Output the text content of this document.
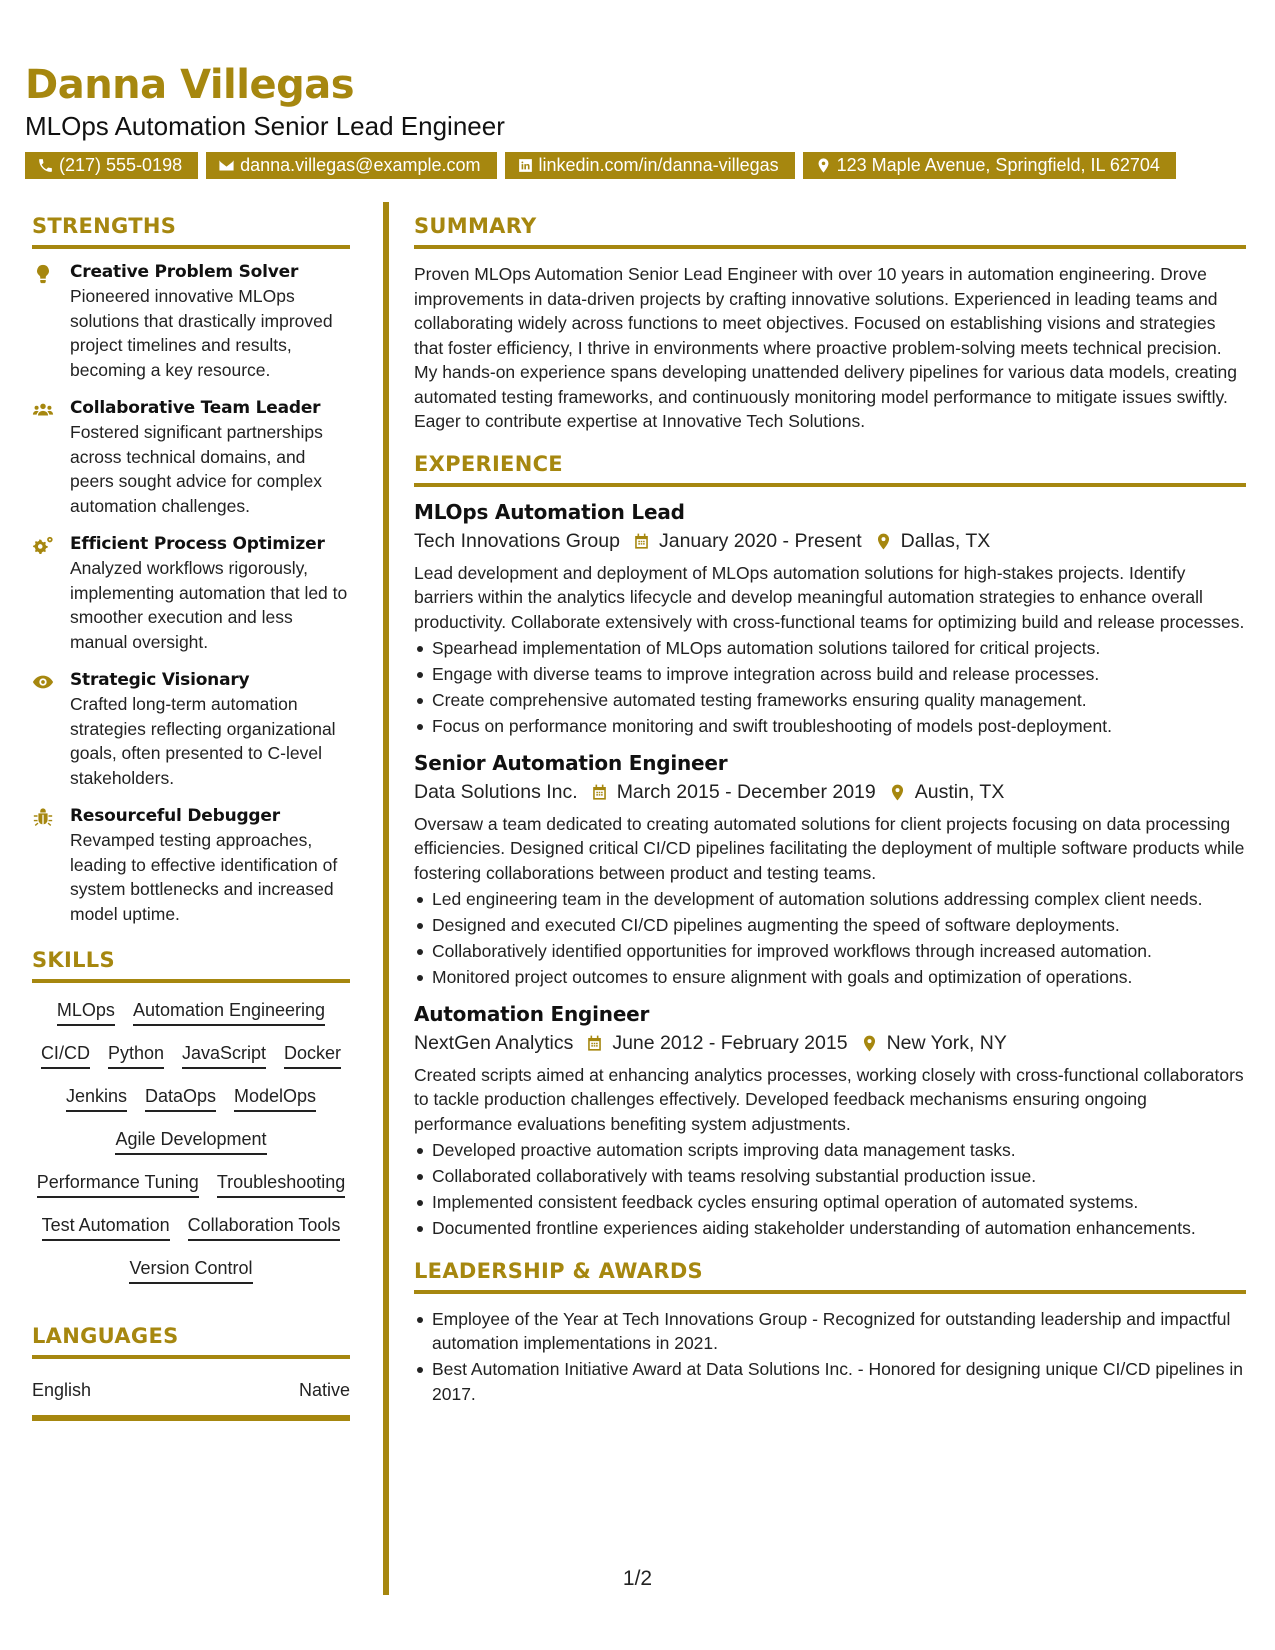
Danna Villegas
MLOps Automation Senior Lead Engineer
(217) 555-0198	danna.villegas@example.com	linkedin.com/in/danna-villegas	123 Maple Avenue, Springfield, IL 62704
STRENGTHS
Creative Problem Solver
Pioneered innovative MLOps solutions that drastically improved project timelines and results, becoming a key resource.
Collaborative Team Leader
Fostered significant partnerships across technical domains, and peers sought advice for complex automation challenges.
Efficient Process Optimizer
Analyzed workflows rigorously, implementing automation that led to smoother execution and less manual oversight.
Strategic Visionary
Crafted long-term automation strategies reflecting organizational goals, often presented to C-level stakeholders.
Resourceful Debugger
Revamped testing approaches, leading to effective identification of system bottlenecks and increased model uptime.
SKILLS
MLOps Automation Engineering
CI/CD Python JavaScript Docker
Jenkins DataOps ModelOps
Agile Development
Performance Tuning Troubleshooting
Test Automation Collaboration Tools
Version Control
LANGUAGES
English	Native
SUMMARY
Proven MLOps Automation Senior Lead Engineer with over 10 years in automation engineering. Drove improvements in data-driven projects by crafting innovative solutions. Experienced in leading teams and collaborating widely across functions to meet objectives. Focused on establishing visions and strategies that foster efficiency, I thrive in environments where proactive problem-solving meets technical precision. My hands-on experience spans developing unattended delivery pipelines for various data models, creating automated testing frameworks, and continuously monitoring model performance to mitigate issues swiftly. Eager to contribute expertise at Innovative Tech Solutions.
EXPERIENCE
MLOps Automation Lead
Tech Innovations Group January 2020 - Present Dallas, TX
Lead development and deployment of MLOps automation solutions for high-stakes projects. Identify barriers within the analytics lifecycle and develop meaningful automation strategies to enhance overall productivity. Collaborate extensively with cross-functional teams for optimizing build and release processes.
Spearhead implementation of MLOps automation solutions tailored for critical projects.
Engage with diverse teams to improve integration across build and release processes.
Create comprehensive automated testing frameworks ensuring quality management.
Focus on performance monitoring and swift troubleshooting of models post-deployment.
Senior Automation Engineer
Data Solutions Inc. March 2015 - December 2019 Austin, TX
Oversaw a team dedicated to creating automated solutions for client projects focusing on data processing efficiencies. Designed critical CI/CD pipelines facilitating the deployment of multiple software products while fostering collaborations between product and testing teams.
Led engineering team in the development of automation solutions addressing complex client needs.
Designed and executed CI/CD pipelines augmenting the speed of software deployments.
Collaboratively identified opportunities for improved workflows through increased automation.
Monitored project outcomes to ensure alignment with goals and optimization of operations.
Automation Engineer
NextGen Analytics June 2012 - February 2015 New York, NY
Created scripts aimed at enhancing analytics processes, working closely with cross-functional collaborators to tackle production challenges effectively. Developed feedback mechanisms ensuring ongoing performance evaluations benefiting system adjustments.
Developed proactive automation scripts improving data management tasks.
Collaborated collaboratively with teams resolving substantial production issue.
Implemented consistent feedback cycles ensuring optimal operation of automated systems.
Documented frontline experiences aiding stakeholder understanding of automation enhancements.
LEADERSHIP & AWARDS
Employee of the Year at Tech Innovations Group - Recognized for outstanding leadership and impactful automation implementations in 2021.
Best Automation Initiative Award at Data Solutions Inc. - Honored for designing unique CI/CD pipelines in 2017.
1/2
